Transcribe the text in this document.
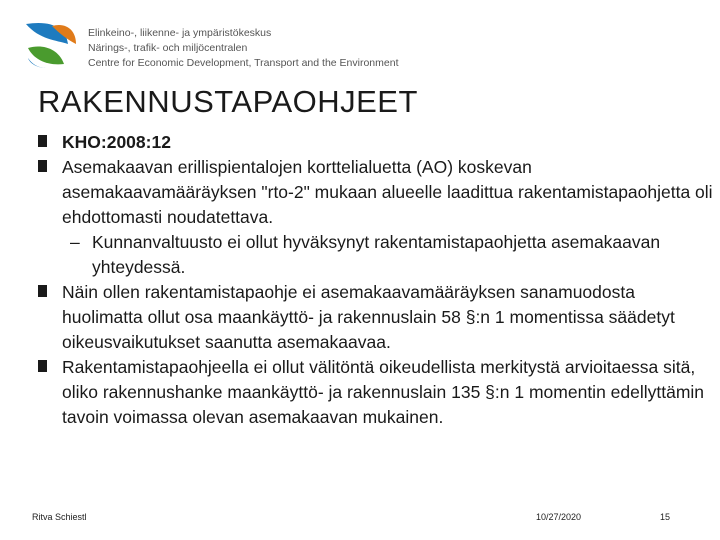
Elinkeino-, liikenne- ja ympäristökeskus
Närings-, trafik- och miljöcentralen
Centre for Economic Development, Transport and the Environment
RAKENNUSTAPAOHJEET
KHO:2008:12
Asemakaavan erillispientalojen korttelialuetta (AO) koskevan asemakaavamääräyksen "rto-2" mukaan alueelle laadittua rakentamistapaohjetta oli ehdottomasti noudatettava.
– Kunnanvaltuusto ei ollut hyväksynyt rakentamistapaohjetta asemakaavan yhteydessä.
Näin ollen rakentamistapaohje ei asemakaavamääräyksen sanamuodosta huolimatta ollut osa maankäyttö- ja rakennuslain 58 §:n 1 momentissa säädetyt oikeusvaikutukset saanutta asemakaavaa.
Rakentamistapaohjeella ei ollut välitöntä oikeudellista merkitystä arvioitaessa sitä, oliko rakennushanke maankäyttö- ja rakennuslain 135 §:n 1 momentin edellyttämin tavoin voimassa olevan asemakaavan mukainen.
Ritva Schiestl	10/27/2020	15
